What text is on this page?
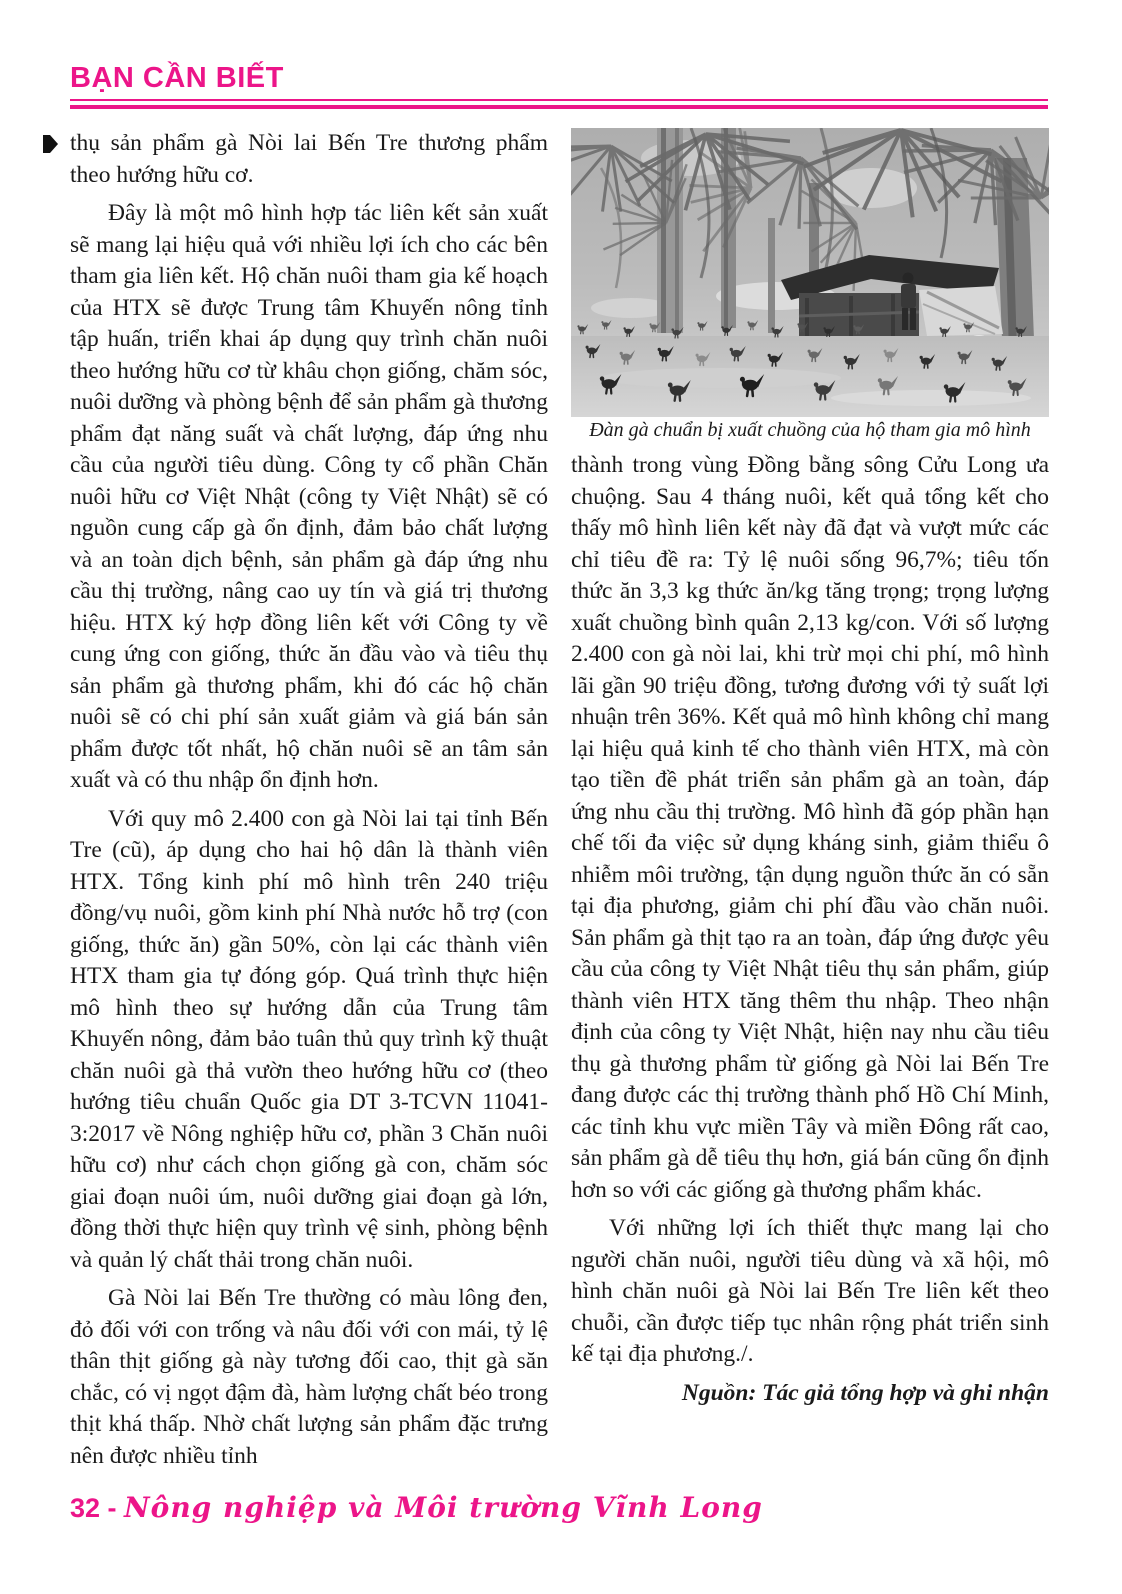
BẠN CẦN BIẾT

thụ sản phẩm gà Nòi lai Bến Tre thương phẩm theo hướng hữu cơ.

Đây là một mô hình hợp tác liên kết sản xuất sẽ mang lại hiệu quả với nhiều lợi ích cho các bên tham gia liên kết. Hộ chăn nuôi tham gia kế hoạch của HTX sẽ được Trung tâm Khuyến nông tỉnh tập huấn, triển khai áp dụng quy trình chăn nuôi theo hướng hữu cơ từ khâu chọn giống, chăm sóc, nuôi dưỡng và phòng bệnh để sản phẩm gà thương phẩm đạt năng suất và chất lượng, đáp ứng nhu cầu của người tiêu dùng. Công ty cổ phần Chăn nuôi hữu cơ Việt Nhật (công ty Việt Nhật) sẽ có nguồn cung cấp gà ổn định, đảm bảo chất lượng và an toàn dịch bệnh, sản phẩm gà đáp ứng nhu cầu thị trường, nâng cao uy tín và giá trị thương hiệu. HTX ký hợp đồng liên kết với Công ty về cung ứng con giống, thức ăn đầu vào và tiêu thụ sản phẩm gà thương phẩm, khi đó các hộ chăn nuôi sẽ có chi phí sản xuất giảm và giá bán sản phẩm được tốt nhất, hộ chăn nuôi sẽ an tâm sản xuất và có thu nhập ổn định hơn.

Với quy mô 2.400 con gà Nòi lai tại tỉnh Bến Tre (cũ), áp dụng cho hai hộ dân là thành viên HTX. Tổng kinh phí mô hình trên 240 triệu đồng/vụ nuôi, gồm kinh phí Nhà nước hỗ trợ (con giống, thức ăn) gần 50%, còn lại các thành viên HTX tham gia tự đóng góp. Quá trình thực hiện mô hình theo sự hướng dẫn của Trung tâm Khuyến nông, đảm bảo tuân thủ quy trình kỹ thuật chăn nuôi gà thả vườn theo hướng hữu cơ (theo hướng tiêu chuẩn Quốc gia DT 3-TCVN 11041-3:2017 về Nông nghiệp hữu cơ, phần 3 Chăn nuôi hữu cơ) như cách chọn giống gà con, chăm sóc giai đoạn nuôi úm, nuôi dưỡng giai đoạn gà lớn, đồng thời thực hiện quy trình vệ sinh, phòng bệnh và quản lý chất thải trong chăn nuôi.

Gà Nòi lai Bến Tre thường có màu lông đen, đỏ đối với con trống và nâu đối với con mái, tỷ lệ thân thịt giống gà này tương đối cao, thịt gà săn chắc, có vị ngọt đậm đà, hàm lượng chất béo trong thịt khá thấp. Nhờ chất lượng sản phẩm đặc trưng nên được nhiều tỉnh

Đàn gà chuẩn bị xuất chuồng của hộ tham gia mô hình

thành trong vùng Đồng bằng sông Cửu Long ưa chuộng. Sau 4 tháng nuôi, kết quả tổng kết cho thấy mô hình liên kết này đã đạt và vượt mức các chỉ tiêu đề ra: Tỷ lệ nuôi sống 96,7%; tiêu tốn thức ăn 3,3 kg thức ăn/kg tăng trọng; trọng lượng xuất chuồng bình quân 2,13 kg/con. Với số lượng 2.400 con gà nòi lai, khi trừ mọi chi phí, mô hình lãi gần 90 triệu đồng, tương đương với tỷ suất lợi nhuận trên 36%. Kết quả mô hình không chỉ mang lại hiệu quả kinh tế cho thành viên HTX, mà còn tạo tiền đề phát triển sản phẩm gà an toàn, đáp ứng nhu cầu thị trường. Mô hình đã góp phần hạn chế tối đa việc sử dụng kháng sinh, giảm thiểu ô nhiễm môi trường, tận dụng nguồn thức ăn có sẵn tại địa phương, giảm chi phí đầu vào chăn nuôi. Sản phẩm gà thịt tạo ra an toàn, đáp ứng được yêu cầu của công ty Việt Nhật tiêu thụ sản phẩm, giúp thành viên HTX tăng thêm thu nhập. Theo nhận định của công ty Việt Nhật, hiện nay nhu cầu tiêu thụ gà thương phẩm từ giống gà Nòi lai Bến Tre đang được các thị trường thành phố Hồ Chí Minh, các tỉnh khu vực miền Tây và miền Đông rất cao, sản phẩm gà dễ tiêu thụ hơn, giá bán cũng ổn định hơn so với các giống gà thương phẩm khác.

Với những lợi ích thiết thực mang lại cho người chăn nuôi, người tiêu dùng và xã hội, mô hình chăn nuôi gà Nòi lai Bến Tre liên kết theo chuỗi, cần được tiếp tục nhân rộng phát triển sinh kế tại địa phương./.

Nguồn: Tác giả tổng hợp và ghi nhận

32 - Nông nghiệp và Môi trường Vĩnh Long
